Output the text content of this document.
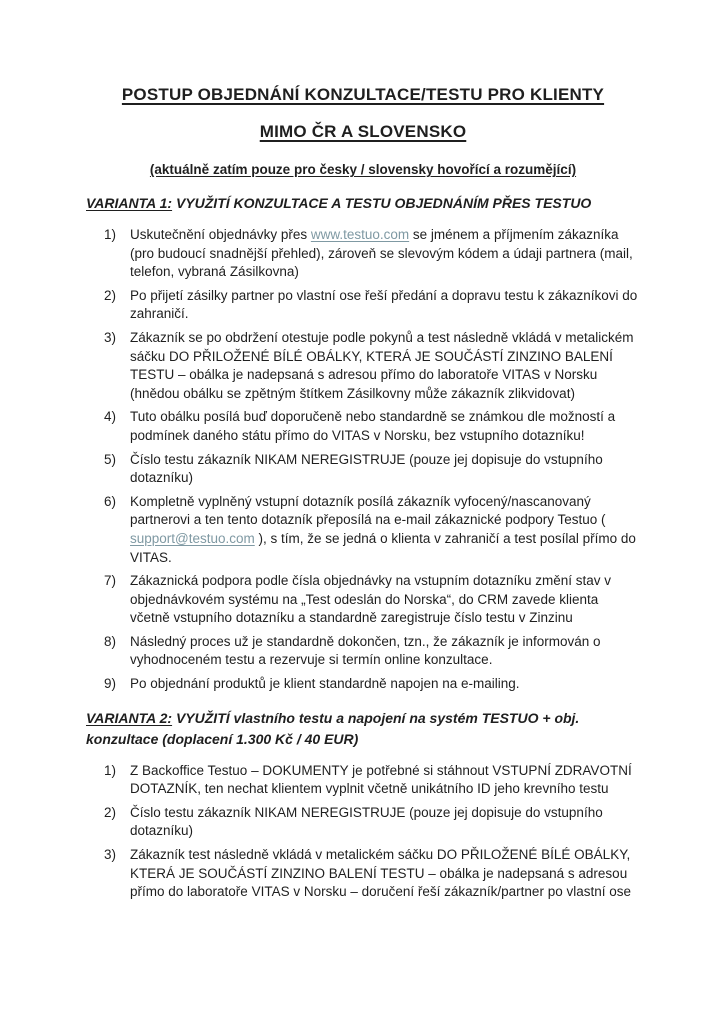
POSTUP OBJEDNÁNÍ KONZULTACE/TESTU PRO KLIENTY
MIMO ČR A SLOVENSKO

(aktuálně zatím pouze pro česky / slovensky hovořící a rozumějící)

VARIANTA 1: VYUŽITÍ KONZULTACE A TESTU OBJEDNÁNÍM PŘES TESTUO
Uskutečnění objednávky přes www.testuo.com se jménem a příjmením zákazníka (pro budoucí snadnější přehled), zároveň se slevovým kódem a údaji partnera (mail, telefon, vybraná Zásilkovna)
Po přijetí zásilky partner po vlastní ose řeší předání a dopravu testu k zákazníkovi do zahraničí.
Zákazník se po obdržení otestuje podle pokynů a test následně vkládá v metalickém sáčku DO PŘILOŽENÉ BÍLÉ OBÁLKY, KTERÁ JE SOUČÁSTÍ ZINZINO BALENÍ TESTU – obálka je nadepsaná s adresou přímo do laboratoře VITAS v Norsku (hnědou obálku se zpětným štítkem Zásilkovny může zákazník zlikvidovat)
Tuto obálku posílá buď doporučeně nebo standardně se známkou dle možností a podmínek daného státu přímo do VITAS v Norsku, bez vstupního dotazníku!
Číslo testu zákazník NIKAM NEREGISTRUJE (pouze jej dopisuje do vstupního dotazníku)
Kompletně vyplněný vstupní dotazník posílá zákazník vyfocený/nascanovaný partnerovi a ten tento dotazník přeposílá na e-mail zákaznické podpory Testuo ( support@testuo.com ), s tím, že se jedná o klienta v zahraničí a test posílal přímo do VITAS.
Zákaznická podpora podle čísla objednávky na vstupním dotazníku změní stav v objednávkovém systému na „Test odeslán do Norska“, do CRM zavede klienta včetně vstupního dotazníku a standardně zaregistruje číslo testu v Zinzinu
Následný proces už je standardně dokončen, tzn., že zákazník je informován o vyhodnoceném testu a rezervuje si termín online konzultace.
Po objednání produktů je klient standardně napojen na e-mailing.
VARIANTA 2: VYUŽITÍ vlastního testu a napojení na systém TESTUO + obj. konzultace (doplacení 1.300 Kč / 40 EUR)
Z Backoffice Testuo – DOKUMENTY je potřebné si stáhnout VSTUPNÍ ZDRAVOTNÍ DOTAZNÍK, ten nechat klientem vyplnit včetně unikátního ID jeho krevního testu
Číslo testu zákazník NIKAM NEREGISTRUJE (pouze jej dopisuje do vstupního dotazníku)
Zákazník test následně vkládá v metalickém sáčku DO PŘILOŽENÉ BÍLÉ OBÁLKY, KTERÁ JE SOUČÁSTÍ ZINZINO BALENÍ TESTU – obálka je nadepsaná s adresou přímo do laboratoře VITAS v Norsku – doručení řeší zákazník/partner po vlastní ose
